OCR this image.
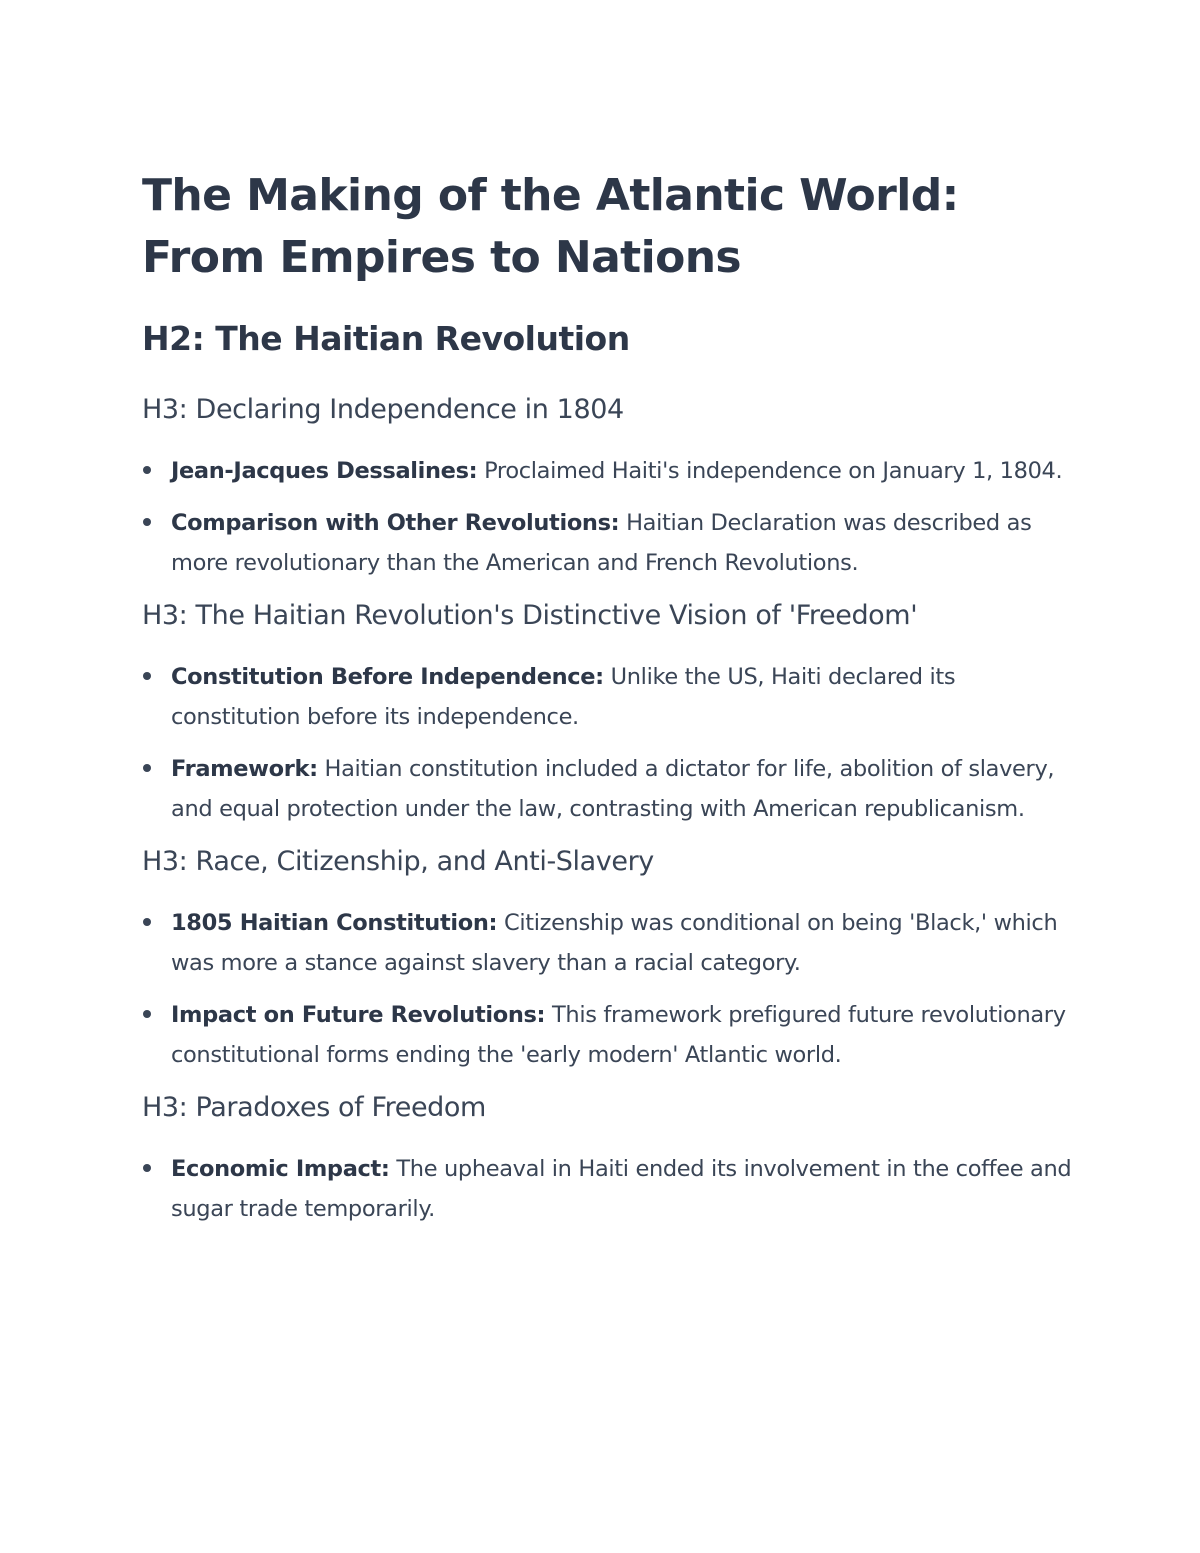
The Making of the Atlantic World: From Empires to Nations
H2: The Haitian Revolution
H3: Declaring Independence in 1804
Jean-Jacques Dessalines: Proclaimed Haiti's independence on January 1, 1804.
Comparison with Other Revolutions: Haitian Declaration was described as more revolutionary than the American and French Revolutions.
H3: The Haitian Revolution's Distinctive Vision of 'Freedom'
Constitution Before Independence: Unlike the US, Haiti declared its constitution before its independence.
Framework: Haitian constitution included a dictator for life, abolition of slavery, and equal protection under the law, contrasting with American republicanism.
H3: Race, Citizenship, and Anti-Slavery
1805 Haitian Constitution: Citizenship was conditional on being 'Black,' which was more a stance against slavery than a racial category.
Impact on Future Revolutions: This framework prefigured future revolutionary constitutional forms ending the 'early modern' Atlantic world.
H3: Paradoxes of Freedom
Economic Impact: The upheaval in Haiti ended its involvement in the coffee and sugar trade temporarily.
